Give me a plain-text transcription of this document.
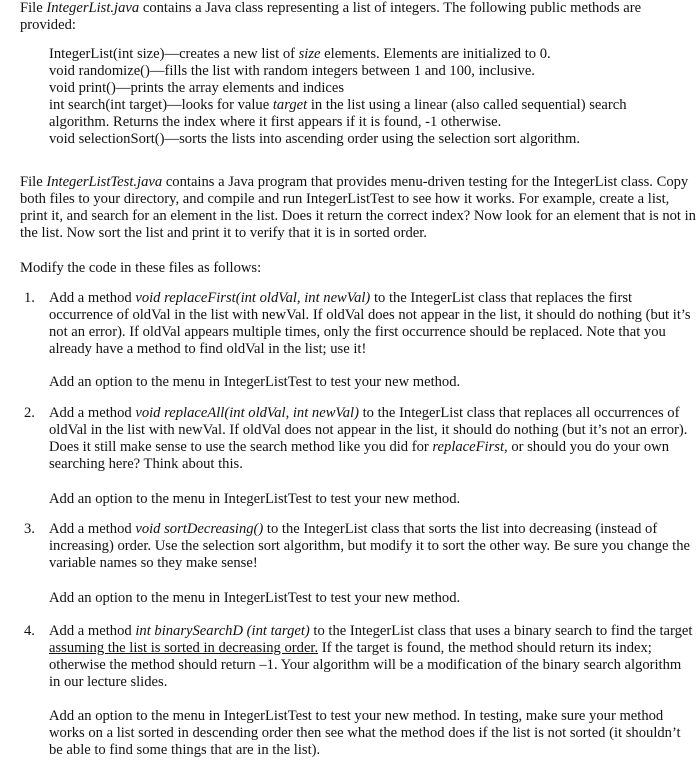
File IntegerList.java contains a Java class representing a list of integers. The following public methods are provided:

IntegerList(int size)—creates a new list of size elements. Elements are initialized to 0.
void randomize()—fills the list with random integers between 1 and 100, inclusive.
void print()—prints the array elements and indices
int search(int target)—looks for value target in the list using a linear (also called sequential) search algorithm. Returns the index where it first appears if it is found, -1 otherwise.
void selectionSort()—sorts the lists into ascending order using the selection sort algorithm.

File IntegerListTest.java contains a Java program that provides menu-driven testing for the IntegerList class. Copy both files to your directory, and compile and run IntegerListTest to see how it works. For example, create a list, print it, and search for an element in the list. Does it return the correct index? Now look for an element that is not in the list. Now sort the list and print it to verify that it is in sorted order.

Modify the code in these files as follows:

1. Add a method void replaceFirst(int oldVal, int newVal) to the IntegerList class that replaces the first occurrence of oldVal in the list with newVal. If oldVal does not appear in the list, it should do nothing (but it’s not an error). If oldVal appears multiple times, only the first occurrence should be replaced. Note that you already have a method to find oldVal in the list; use it!
Add an option to the menu in IntegerListTest to test your new method.
2. Add a method void replaceAll(int oldVal, int newVal) to the IntegerList class that replaces all occurrences of oldVal in the list with newVal. If oldVal does not appear in the list, it should do nothing (but it’s not an error). Does it still make sense to use the search method like you did for replaceFirst, or should you do your own searching here? Think about this.
Add an option to the menu in IntegerListTest to test your new method.
3. Add a method void sortDecreasing() to the IntegerList class that sorts the list into decreasing (instead of increasing) order. Use the selection sort algorithm, but modify it to sort the other way. Be sure you change the variable names so they make sense!
Add an option to the menu in IntegerListTest to test your new method.
4. Add a method int binarySearchD (int target) to the IntegerList class that uses a binary search to find the target assuming the list is sorted in decreasing order. If the target is found, the method should return its index; otherwise the method should return –1. Your algorithm will be a modification of the binary search algorithm in our lecture slides.
Add an option to the menu in IntegerListTest to test your new method. In testing, make sure your method works on a list sorted in descending order then see what the method does if the list is not sorted (it shouldn’t be able to find some things that are in the list).
